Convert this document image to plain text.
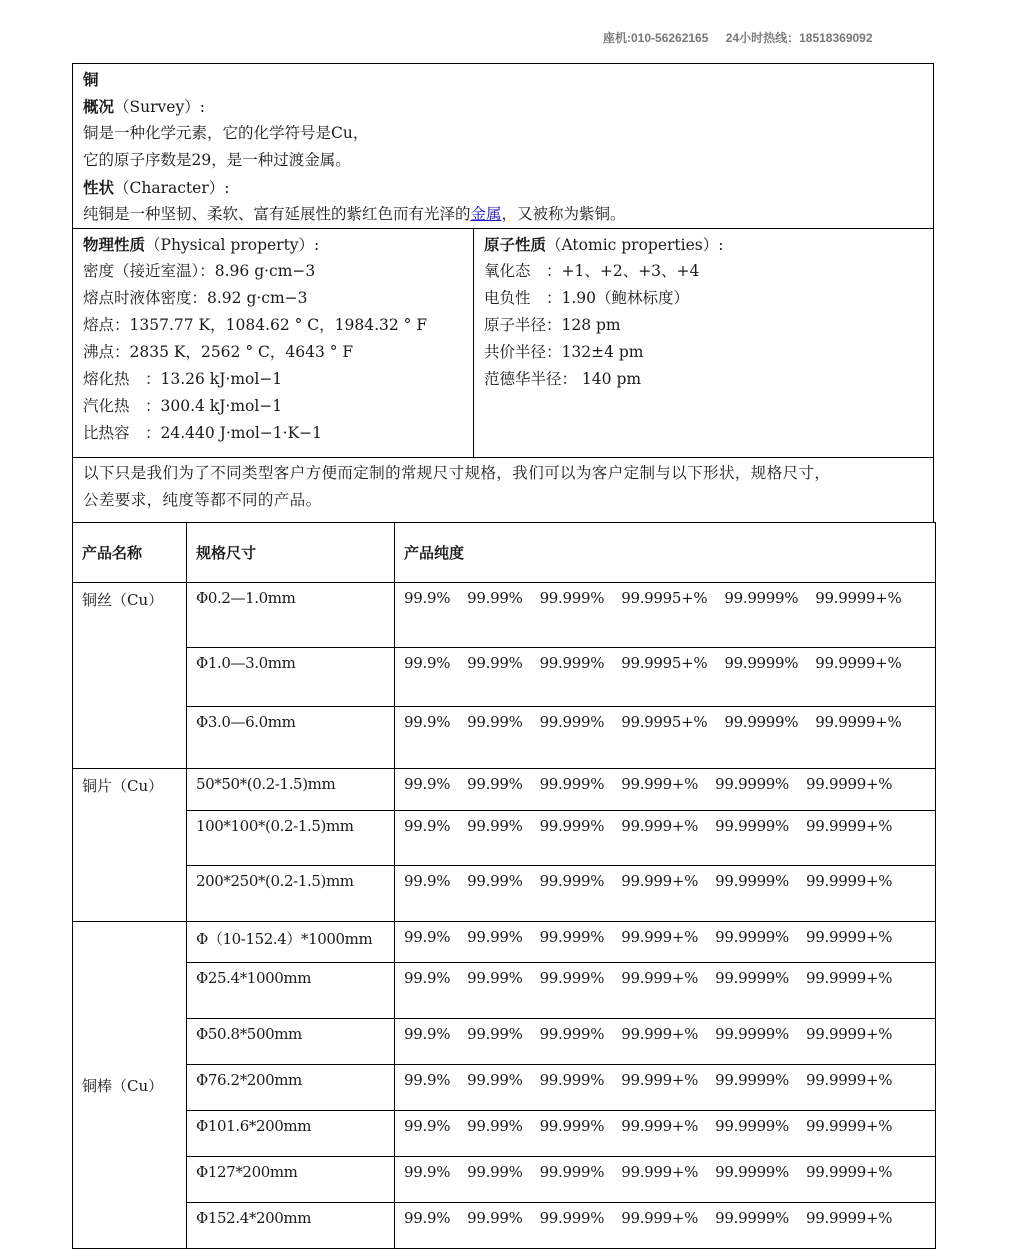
座机:010-56262165 24小时热线：18518369092
铜
概况（Survey）:
铜是一种化学元素，它的化学符号是Cu，
它的原子序数是29，是一种过渡金属。
性状（Character）:
纯铜是一种坚韧、柔软、富有延展性的紫红色而有光泽的金属，又被称为紫铜。
物理性质（Physical property）:
密度（接近室温）：8.96 g·cm−3
熔点时液体密度：8.92 g·cm−3
熔点：1357.77 K，1084.62 ° C，1984.32 ° F
沸点：2835 K，2562 ° C，4643 ° F
熔化热　：13.26 kJ·mol−1
汽化热　：300.4 kJ·mol−1
比热容　：24.440 J·mol−1·K−1
原子性质（Atomic properties）:
氧化态　：+1、+2、+3、+4
电负性　：1.90（鲍林标度）
原子半径：128 pm
共价半径：132±4 pm
范德华半径： 140 pm
以下只是我们为了不同类型客户方便而定制的常规尺寸规格，我们可以为客户定制与以下形状，规格尺寸，
公差要求，纯度等都不同的产品。
产品名称	规格尺寸	产品纯度
铜丝（Cu）	Φ0.2—1.0mm	99.9% 99.99% 99.999% 99.9995+% 99.9999% 99.9999+%
	Φ1.0—3.0mm	99.9% 99.99% 99.999% 99.9995+% 99.9999% 99.9999+%
	Φ3.0—6.0mm	99.9% 99.99% 99.999% 99.9995+% 99.9999% 99.9999+%
铜片（Cu）	50*50*(0.2-1.5)mm	99.9% 99.99% 99.999% 99.999+% 99.9999% 99.9999+%
	100*100*(0.2-1.5)mm	99.9% 99.99% 99.999% 99.999+% 99.9999% 99.9999+%
	200*250*(0.2-1.5)mm	99.9% 99.99% 99.999% 99.999+% 99.9999% 99.9999+%
铜棒（Cu）	Φ（10-152.4）*1000mm	99.9% 99.99% 99.999% 99.999+% 99.9999% 99.9999+%
	Φ25.4*1000mm	99.9% 99.99% 99.999% 99.999+% 99.9999% 99.9999+%
	Φ50.8*500mm	99.9% 99.99% 99.999% 99.999+% 99.9999% 99.9999+%
	Φ76.2*200mm	99.9% 99.99% 99.999% 99.999+% 99.9999% 99.9999+%
	Φ101.6*200mm	99.9% 99.99% 99.999% 99.999+% 99.9999% 99.9999+%
	Φ127*200mm	99.9% 99.99% 99.999% 99.999+% 99.9999% 99.9999+%
	Φ152.4*200mm	99.9% 99.99% 99.999% 99.999+% 99.9999% 99.9999+%
